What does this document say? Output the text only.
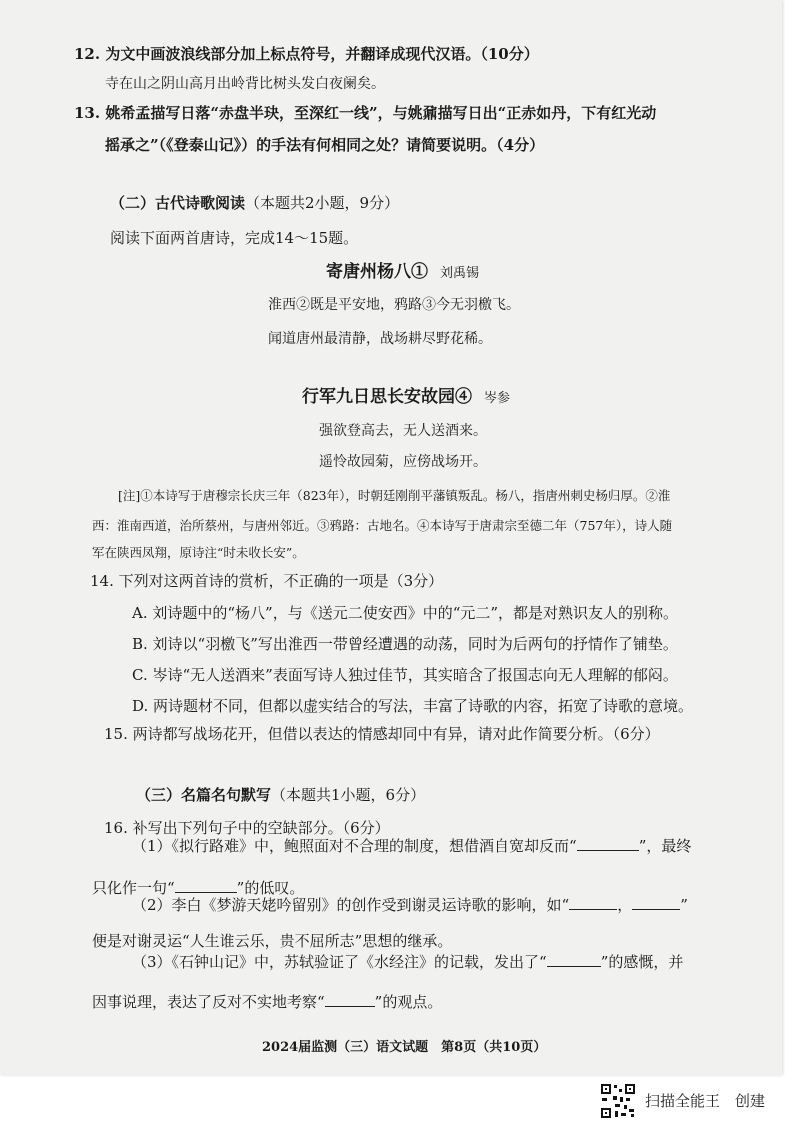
12. 为文中画波浪线部分加上标点符号，并翻译成现代汉语。（10分）
寺在山之阴山高月出岭背比树头发白夜阑矣。
13. 姚希孟描写日落“赤盘半玦，至深红一线”，与姚鼐描写日出“正赤如丹，下有红光动
摇承之”（《登泰山记》）的手法有何相同之处？请简要说明。（4分）
（二）古代诗歌阅读（本题共2小题，9分）
阅读下面两首唐诗，完成14～15题。
寄唐州杨八① 刘禹锡
淮西②既是平安地，鸦路③今无羽檄飞。
闻道唐州最清静，战场耕尽野花稀。
行军九日思长安故园④ 岑参
强欲登高去，无人送酒来。
遥怜故园菊，应傍战场开。
[注]①本诗写于唐穆宗长庆三年（823年），时朝廷刚削平藩镇叛乱。杨八，指唐州刺史杨归厚。②淮
西：淮南西道，治所蔡州，与唐州邻近。③鸦路：古地名。④本诗写于唐肃宗至德二年（757年），诗人随
军在陕西凤翔，原诗注“时未收长安”。
14. 下列对这两首诗的赏析，不正确的一项是（3分）
A. 刘诗题中的“杨八”，与《送元二使安西》中的“元二”，都是对熟识友人的别称。
B. 刘诗以“羽檄飞”写出淮西一带曾经遭遇的动荡，同时为后两句的抒情作了铺垫。
C. 岑诗“无人送酒来”表面写诗人独过佳节，其实暗含了报国志向无人理解的郁闷。
D. 两诗题材不同，但都以虚实结合的写法，丰富了诗歌的内容，拓宽了诗歌的意境。
15. 两诗都写战场花开，但借以表达的情感却同中有异，请对此作简要分析。（6分）
（三）名篇名句默写（本题共1小题，6分）
16. 补写出下列句子中的空缺部分。（6分）
（1）《拟行路难》中，鲍照面对不合理的制度，想借酒自宽却反而“	”，最终
只化作一句“	”的低叹。
（2）李白《梦游天姥吟留别》的创作受到谢灵运诗歌的影响，如“	，	”
便是对谢灵运“人生谁云乐，贵不屈所志”思想的继承。
（3）《石钟山记》中，苏轼验证了《水经注》的记载，发出了“	”的感慨，并
因事说理，表达了反对不实地考察“	”的观点。
2024届监测（三）语文试题　第8页（共10页）
扫描全能王　创建
